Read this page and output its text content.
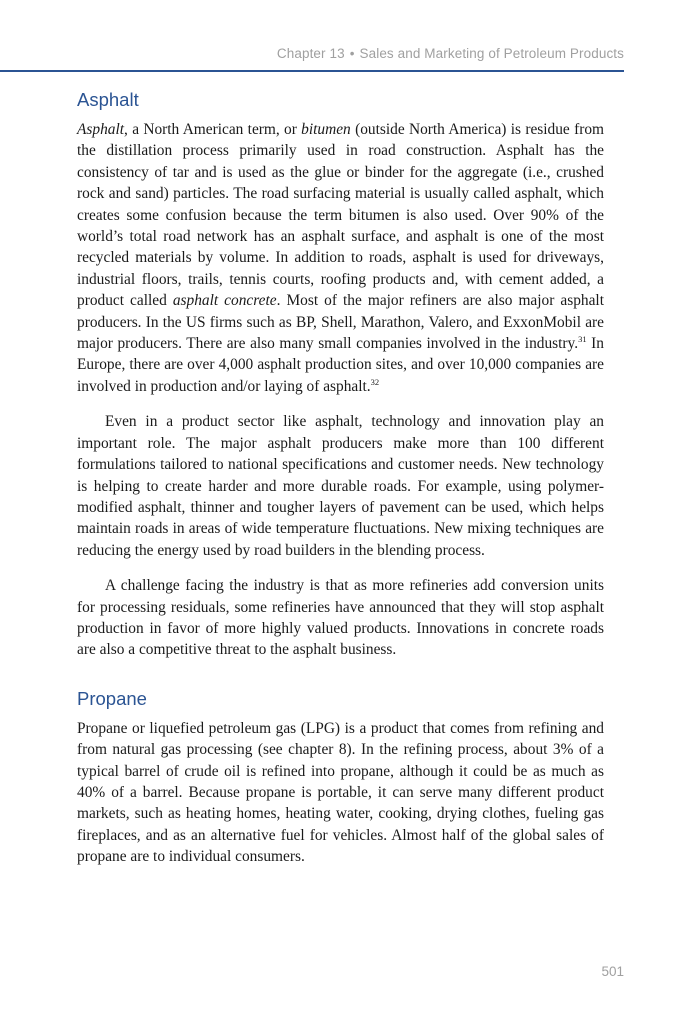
Chapter 13 • Sales and Marketing of Petroleum Products
Asphalt

Asphalt, a North American term, or bitumen (outside North America) is residue from the distillation process primarily used in road construction. Asphalt has the consistency of tar and is used as the glue or binder for the aggregate (i.e., crushed rock and sand) particles. The road surfacing material is usually called asphalt, which creates some confusion because the term bitumen is also used. Over 90% of the world’s total road network has an asphalt surface, and asphalt is one of the most recycled materials by volume. In addition to roads, asphalt is used for driveways, industrial floors, trails, tennis courts, roofing products and, with cement added, a product called asphalt concrete. Most of the major refiners are also major asphalt producers. In the US firms such as BP, Shell, Marathon, Valero, and ExxonMobil are major producers. There are also many small companies involved in the industry.$^{31}$ In Europe, there are over 4,000 asphalt production sites, and over 10,000 companies are involved in production and/or laying of asphalt.$^{32}$

Even in a product sector like asphalt, technology and innovation play an important role. The major asphalt producers make more than 100 different formulations tailored to national specifications and customer needs. New technology is helping to create harder and more durable roads. For example, using polymer-modified asphalt, thinner and tougher layers of pavement can be used, which helps maintain roads in areas of wide temperature fluctuations. New mixing techniques are reducing the energy used by road builders in the blending process.

A challenge facing the industry is that as more refineries add conversion units for processing residuals, some refineries have announced that they will stop asphalt production in favor of more highly valued products. Innovations in concrete roads are also a competitive threat to the asphalt business.

Propane

Propane or liquefied petroleum gas (LPG) is a product that comes from refining and from natural gas processing (see chapter 8). In the refining process, about 3% of a typical barrel of crude oil is refined into propane, although it could be as much as 40% of a barrel. Because propane is portable, it can serve many different product markets, such as heating homes, heating water, cooking, drying clothes, fueling gas fireplaces, and as an alternative fuel for vehicles. Almost half of the global sales of propane are to individual consumers.

501
